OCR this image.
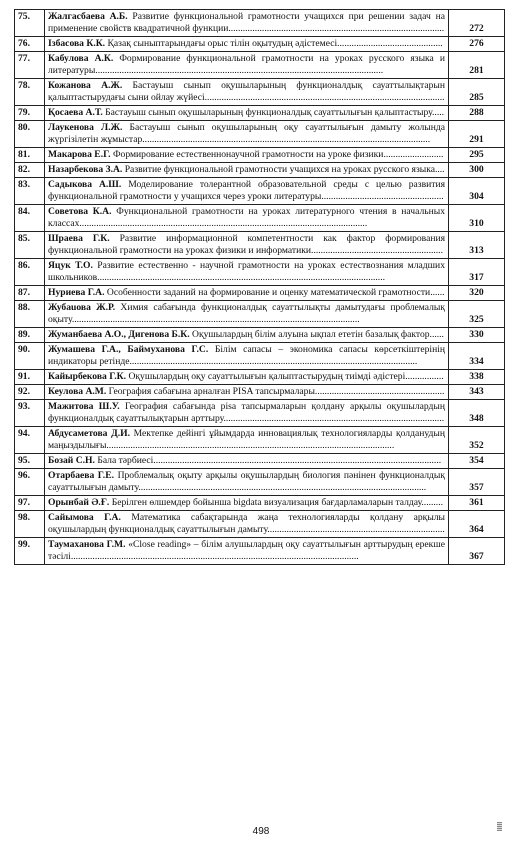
75.	Жалгасбаева А.Б. Развитие функциональной грамотности учащихся при решении задач на применение свойств квадратичной функции..........................................................................................	272
76.	Ізбасова К.К. Қазақ сыныптарындағы орыс тілін оқытудың әдістемесі............................................	276
77.	Кабулова А.К. Формирование функциональной грамотности на уроках русского языка и литературы........................................................................................................................	281
78.	Кожанова А.Ж. Бастауыш сынып оқушыларының функционалдық сауаттылықтарын қалыптастырудағы сыни ойлау жүйесі....................................................................................................	285
79.	Қосаева А.Т. Бастауыш сынып оқушыларының функционалдық сауаттылығын қалыптастыру.....	288
80.	Лаукенова Л.Ж. Бастауыш сынып оқушыларының оқу сауаттылығын дамыту жолында жүргізілетін жұмыстар........................................................................................................................	291
81.	Макарова Е.Г. Формирование естественнонаучной грамотности на уроке физики.........................	295
82.	Назарбекова З.А. Развитие функциональной грамотности учащихся на уроках русского языка....	300
83.	Садыкова А.Ш. Моделирование толерантной образовательной среды с целью развития функциональной грамотности у учащихся через уроки литературы...................................................	304
84.	Советова К.А. Функциональной грамотности на уроках литературного чтения в начальных классах........................................................................................................................	310
85.	Шраева Г.К. Развитие информационной компетентности как фактор формирования функциональной грамотности на уроках физики и информатики.......................................................	313
86.	Яцук Т.О. Развитие естественно - научной грамотности на уроках естествознания младших школьников........................................................................................................................	317
87.	Нуриева Г.А. Особенности заданий на формирование и оценку математической грамотности......	320
88.	Жубаuова Ж.Р. Химия сабағында функционалдық сауаттылықты дамытудағы проблемалық оқыту........................................................................................................................	325
89.	Жуманбаева А.О., Дигенова Б.К. Оқушылардың білім алуына ықпал ететін базалық фактор......	330
90.	Жумашева Г.А., Баймуханова Г.С. Білім сапасы – экономика сапасы көрсеткіштерінің индикаторы ретінде........................................................................................................................	334
91.	Кайырбекова Г.К. Оқушылардың оқу сауаттылығын қалыптастырудың тиімді әдістері................	338
92.	Кеулова А.М. География сабағына арналған PISA тапсырмалары......................................................	343
93.	Мажитова Ш.У. География сабағында pisa тапсырмаларын қолдану арқылы оқушылардың функционалдық сауаттылықтарын арттыру............................................................................................	348
94.	Абдусаметова Д.И. Мектепке дейінгі ұйымдарда инновациялық технологияларды қолданудың маңыздылығы........................................................................................................................	352
95.	Бозай С.Н. Бала тәрбиесі........................................................................................................................	354
96.	Отарбаева Г.Е. Проблемалық оқыту арқылы оқушылардың биология пәнінен функционалдық сауаттылығын дамыту........................................................................................................................	357
97.	Орынбай Ә.Ғ. Берілген өлшемдер бойынша bigdata визуализация бағдарламаларын талдау.........	361
98.	Сайымова Г.А. Математика сабақтарында жаңа технологияларды қолдану арқылы оқушылардың функционалдық сауаттылығын дамыту..........................................................................	364
99.	Таумаханова Г.М. «Close reading» – білім алушылардың оқу сауаттылығын арттырудың ерекше тәсілі........................................................................................................................	367
498
